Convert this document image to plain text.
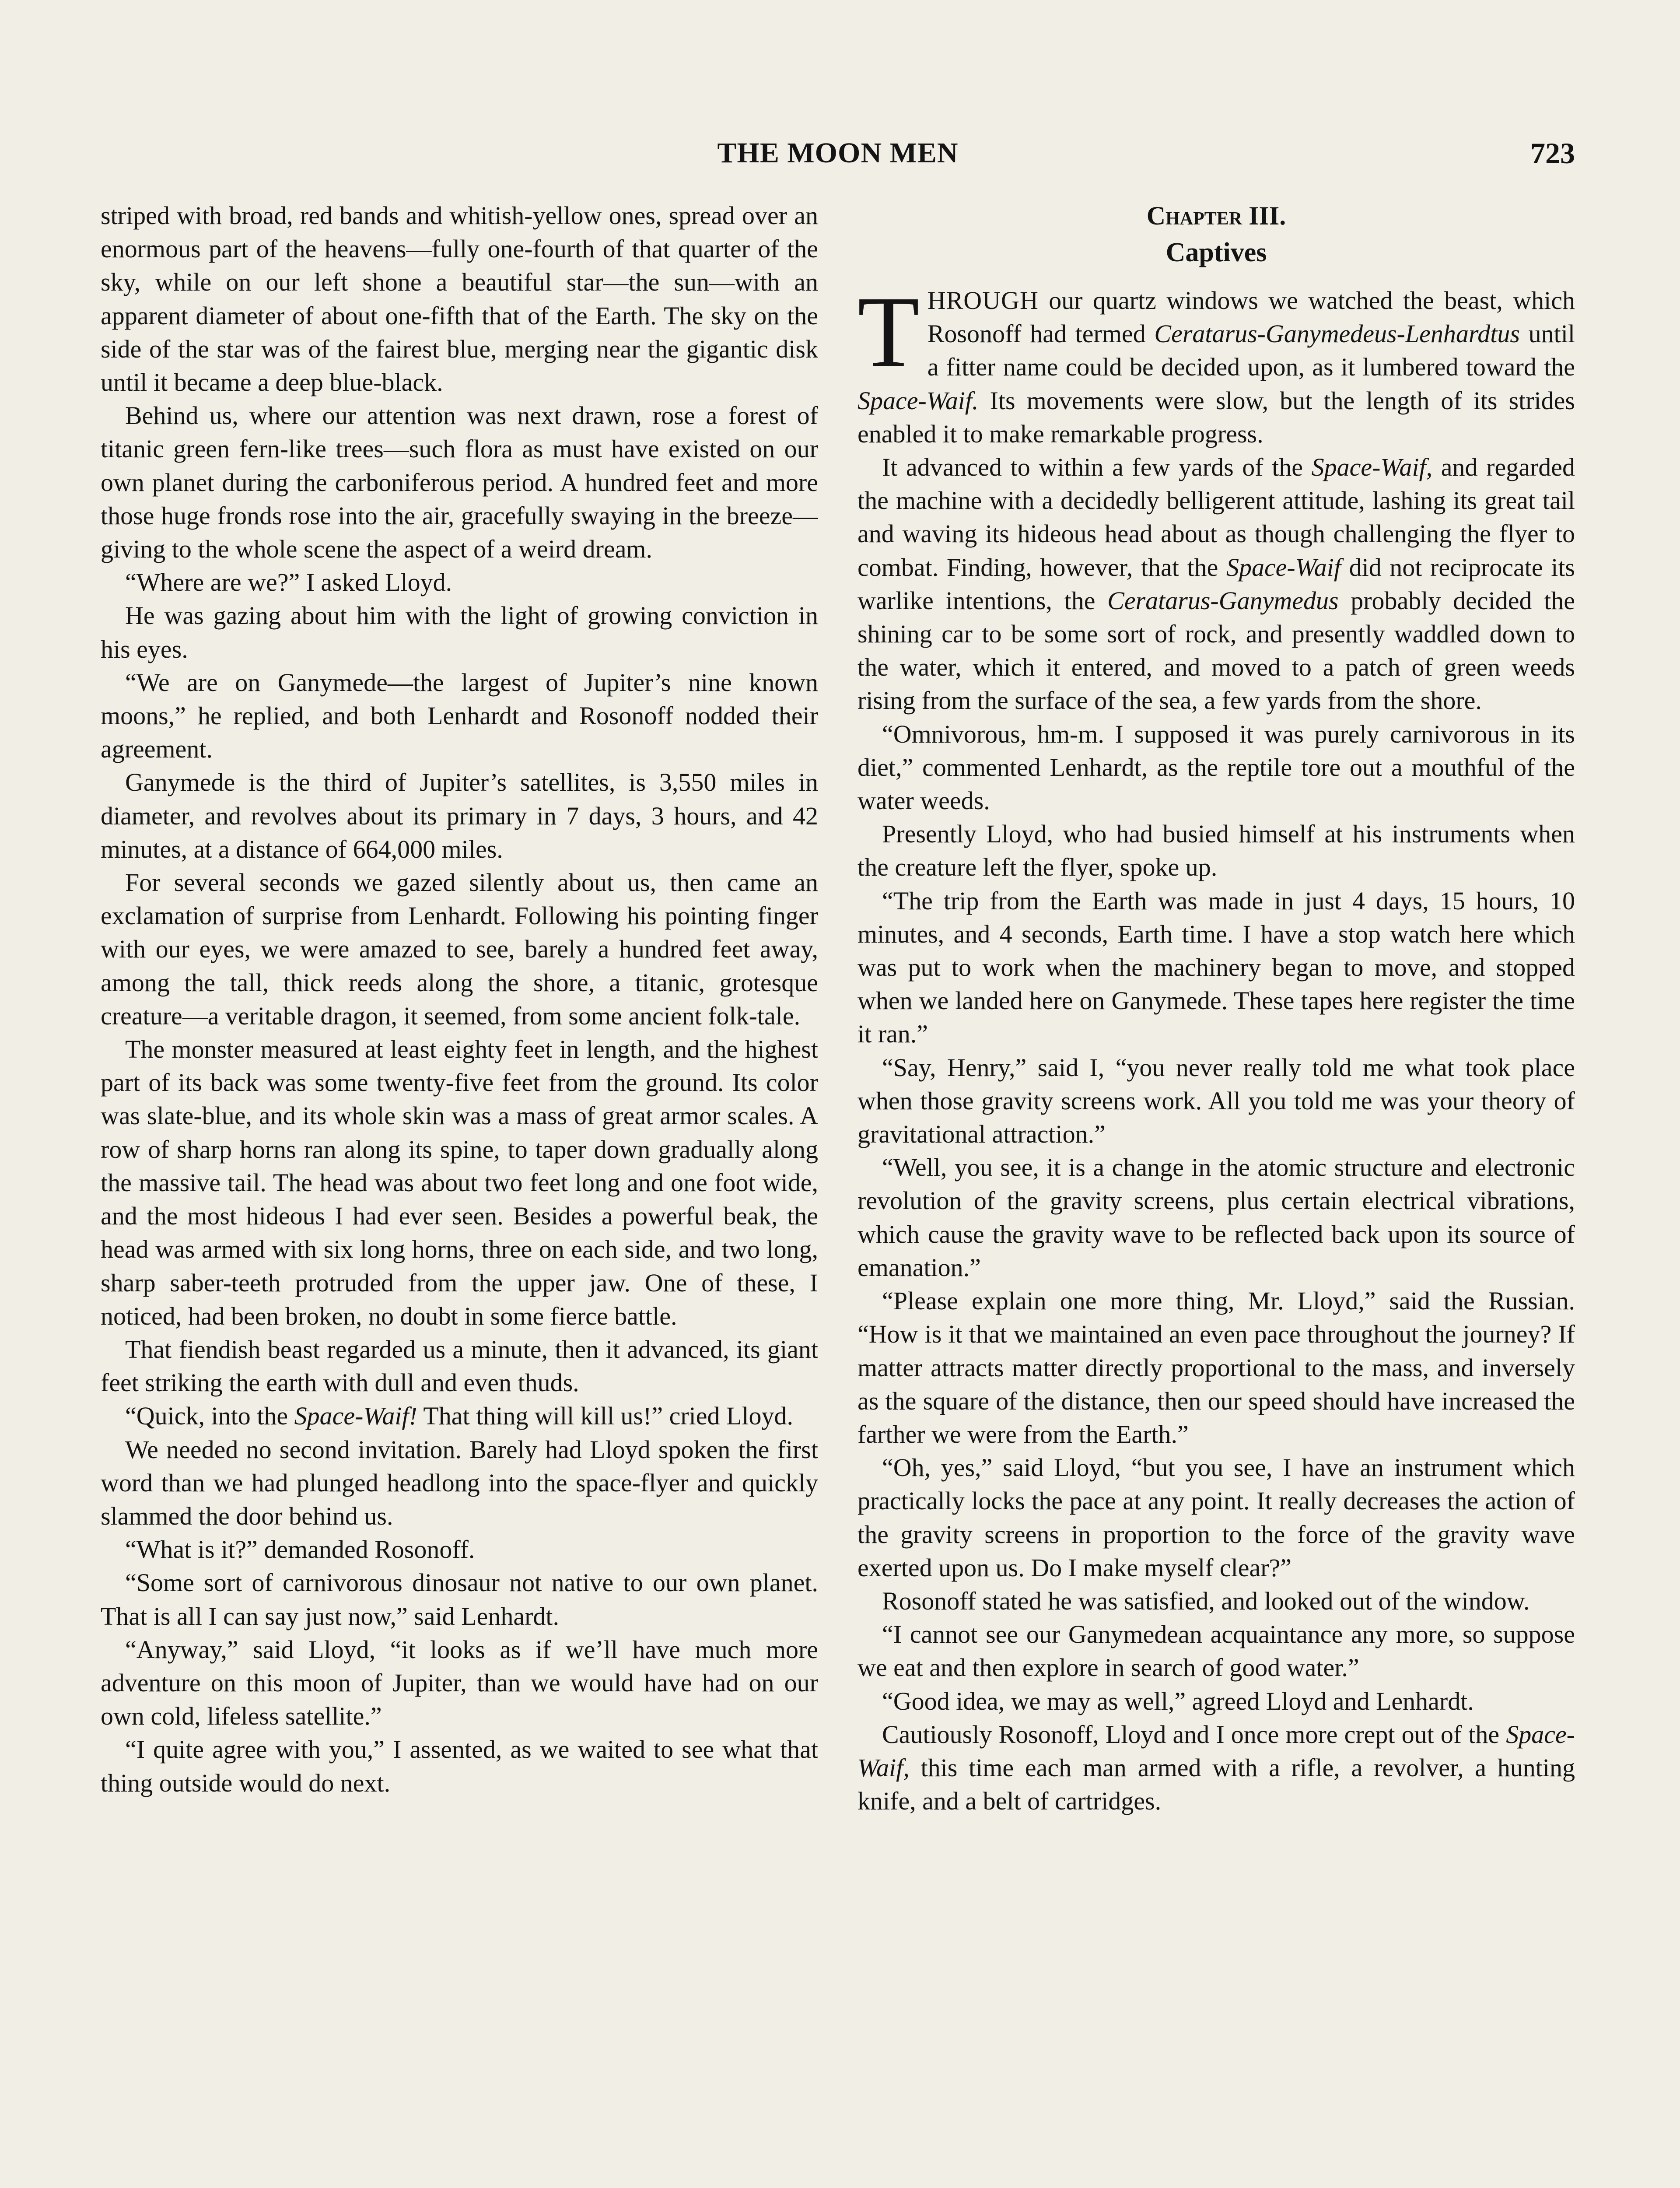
THE MOON MEN	723

striped with broad, red bands and whitish-yellow ones, spread over an enormous part of the heavens—fully one-fourth of that quarter of the sky, while on our left shone a beautiful star—the sun—with an apparent diameter of about one-fifth that of the Earth. The sky on the side of the star was of the fairest blue, merging near the gigantic disk until it became a deep blue-black.

Behind us, where our attention was next drawn, rose a forest of titanic green fern-like trees—such flora as must have existed on our own planet during the carboniferous period. A hundred feet and more those huge fronds rose into the air, gracefully swaying in the breeze—giving to the whole scene the aspect of a weird dream.

“Where are we?” I asked Lloyd.

He was gazing about him with the light of growing conviction in his eyes.

“We are on Ganymede—the largest of Jupiter’s nine known moons,” he replied, and both Lenhardt and Rosonoff nodded their agreement.

Ganymede is the third of Jupiter’s satellites, is 3,550 miles in diameter, and revolves about its primary in 7 days, 3 hours, and 42 minutes, at a distance of 664,000 miles.

For several seconds we gazed silently about us, then came an exclamation of surprise from Lenhardt. Following his pointing finger with our eyes, we were amazed to see, barely a hundred feet away, among the tall, thick reeds along the shore, a titanic, grotesque creature—a veritable dragon, it seemed, from some ancient folk-tale.

The monster measured at least eighty feet in length, and the highest part of its back was some twenty-five feet from the ground. Its color was slate-blue, and its whole skin was a mass of great armor scales. A row of sharp horns ran along its spine, to taper down gradually along the massive tail. The head was about two feet long and one foot wide, and the most hideous I had ever seen. Besides a powerful beak, the head was armed with six long horns, three on each side, and two long, sharp saber-teeth protruded from the upper jaw. One of these, I noticed, had been broken, no doubt in some fierce battle.

That fiendish beast regarded us a minute, then it advanced, its giant feet striking the earth with dull and even thuds.

“Quick, into the Space-Waif! That thing will kill us!” cried Lloyd.

We needed no second invitation. Barely had Lloyd spoken the first word than we had plunged headlong into the space-flyer and quickly slammed the door behind us.

“What is it?” demanded Rosonoff.

“Some sort of carnivorous dinosaur not native to our own planet. That is all I can say just now,” said Lenhardt.

“Anyway,” said Lloyd, “it looks as if we’ll have much more adventure on this moon of Jupiter, than we would have had on our own cold, lifeless satellite.”

“I quite agree with you,” I assented, as we waited to see what that thing outside would do next.

Chapter III.
Captives

THROUGH our quartz windows we watched the beast, which Rosonoff had termed Ceratarus-Ganymedeus-Lenhardtus until a fitter name could be decided upon, as it lumbered toward the Space-Waif. Its movements were slow, but the length of its strides enabled it to make remarkable progress.

It advanced to within a few yards of the Space-Waif, and regarded the machine with a decidedly belligerent attitude, lashing its great tail and waving its hideous head about as though challenging the flyer to combat. Finding, however, that the Space-Waif did not reciprocate its warlike intentions, the Ceratarus-Ganymedus probably decided the shining car to be some sort of rock, and presently waddled down to the water, which it entered, and moved to a patch of green weeds rising from the surface of the sea, a few yards from the shore.

“Omnivorous, hm-m. I supposed it was purely carnivorous in its diet,” commented Lenhardt, as the reptile tore out a mouthful of the water weeds.

Presently Lloyd, who had busied himself at his instruments when the creature left the flyer, spoke up.

“The trip from the Earth was made in just 4 days, 15 hours, 10 minutes, and 4 seconds, Earth time. I have a stop watch here which was put to work when the machinery began to move, and stopped when we landed here on Ganymede. These tapes here register the time it ran.”

“Say, Henry,” said I, “you never really told me what took place when those gravity screens work. All you told me was your theory of gravitational attraction.”

“Well, you see, it is a change in the atomic structure and electronic revolution of the gravity screens, plus certain electrical vibrations, which cause the gravity wave to be reflected back upon its source of emanation.”

“Please explain one more thing, Mr. Lloyd,” said the Russian. “How is it that we maintained an even pace throughout the journey? If matter attracts matter directly proportional to the mass, and inversely as the square of the distance, then our speed should have increased the farther we were from the Earth.”

“Oh, yes,” said Lloyd, “but you see, I have an instrument which practically locks the pace at any point. It really decreases the action of the gravity screens in proportion to the force of the gravity wave exerted upon us. Do I make myself clear?”

Rosonoff stated he was satisfied, and looked out of the window.

“I cannot see our Ganymedean acquaintance any more, so suppose we eat and then explore in search of good water.”

“Good idea, we may as well,” agreed Lloyd and Lenhardt.

Cautiously Rosonoff, Lloyd and I once more crept out of the Space-Waif, this time each man armed with a rifle, a revolver, a hunting knife, and a belt of cartridges.
